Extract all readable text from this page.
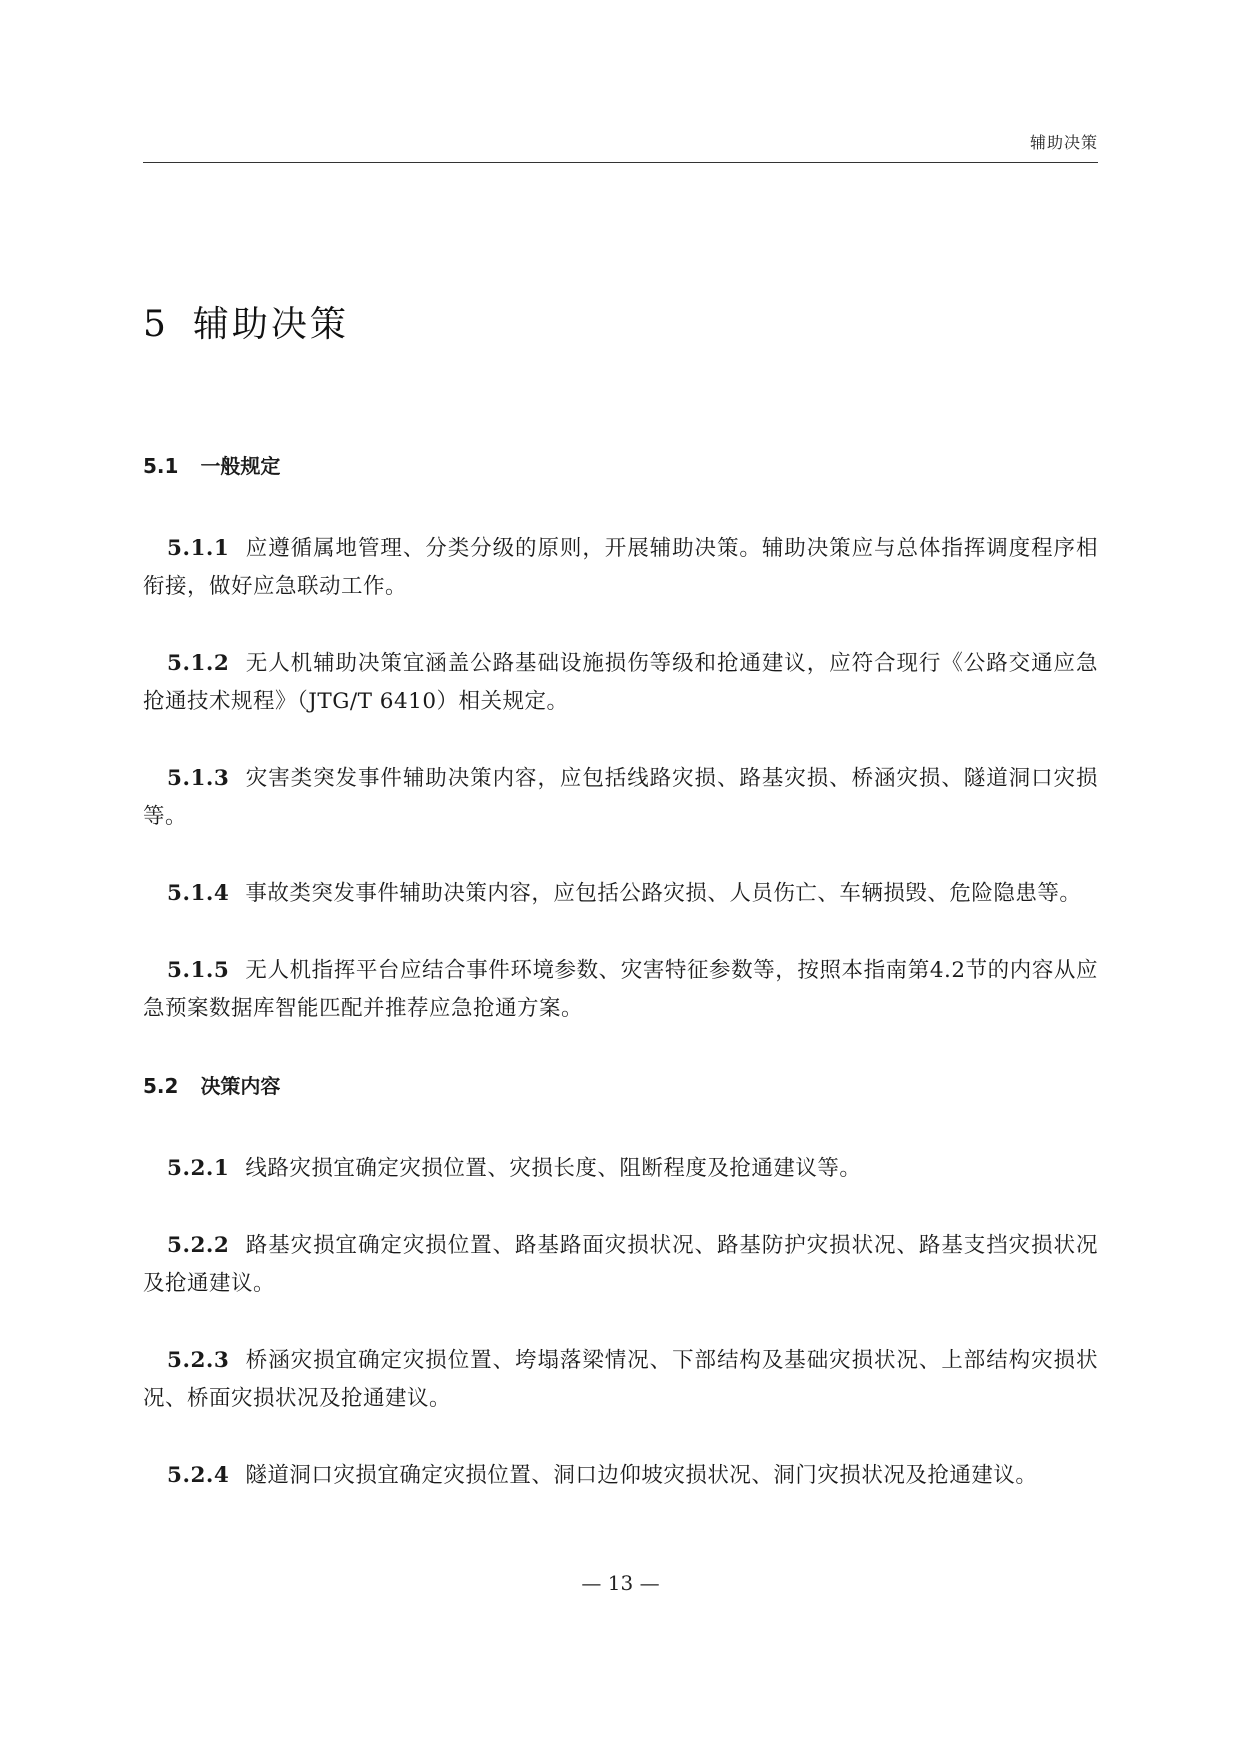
辅助决策
5 辅助决策
5.1 一般规定

5.1.1 应遵循属地管理、分类分级的原则，开展辅助决策。辅助决策应与总体指挥调度程序相衔接，做好应急联动工作。

5.1.2 无人机辅助决策宜涵盖公路基础设施损伤等级和抢通建议，应符合现行《公路交通应急抢通技术规程》（JTG/T 6410）相关规定。

5.1.3 灾害类突发事件辅助决策内容，应包括线路灾损、路基灾损、桥涵灾损、隧道洞口灾损等。

5.1.4 事故类突发事件辅助决策内容，应包括公路灾损、人员伤亡、车辆损毁、危险隐患等。

5.1.5 无人机指挥平台应结合事件环境参数、灾害特征参数等，按照本指南第4.2节的内容从应急预案数据库智能匹配并推荐应急抢通方案。

5.2 决策内容

5.2.1 线路灾损宜确定灾损位置、灾损长度、阻断程度及抢通建议等。

5.2.2 路基灾损宜确定灾损位置、路基路面灾损状况、路基防护灾损状况、路基支挡灾损状况及抢通建议。

5.2.3 桥涵灾损宜确定灾损位置、垮塌落梁情况、下部结构及基础灾损状况、上部结构灾损状况、桥面灾损状况及抢通建议。

5.2.4 隧道洞口灾损宜确定灾损位置、洞口边仰坡灾损状况、洞门灾损状况及抢通建议。

— 13 —
